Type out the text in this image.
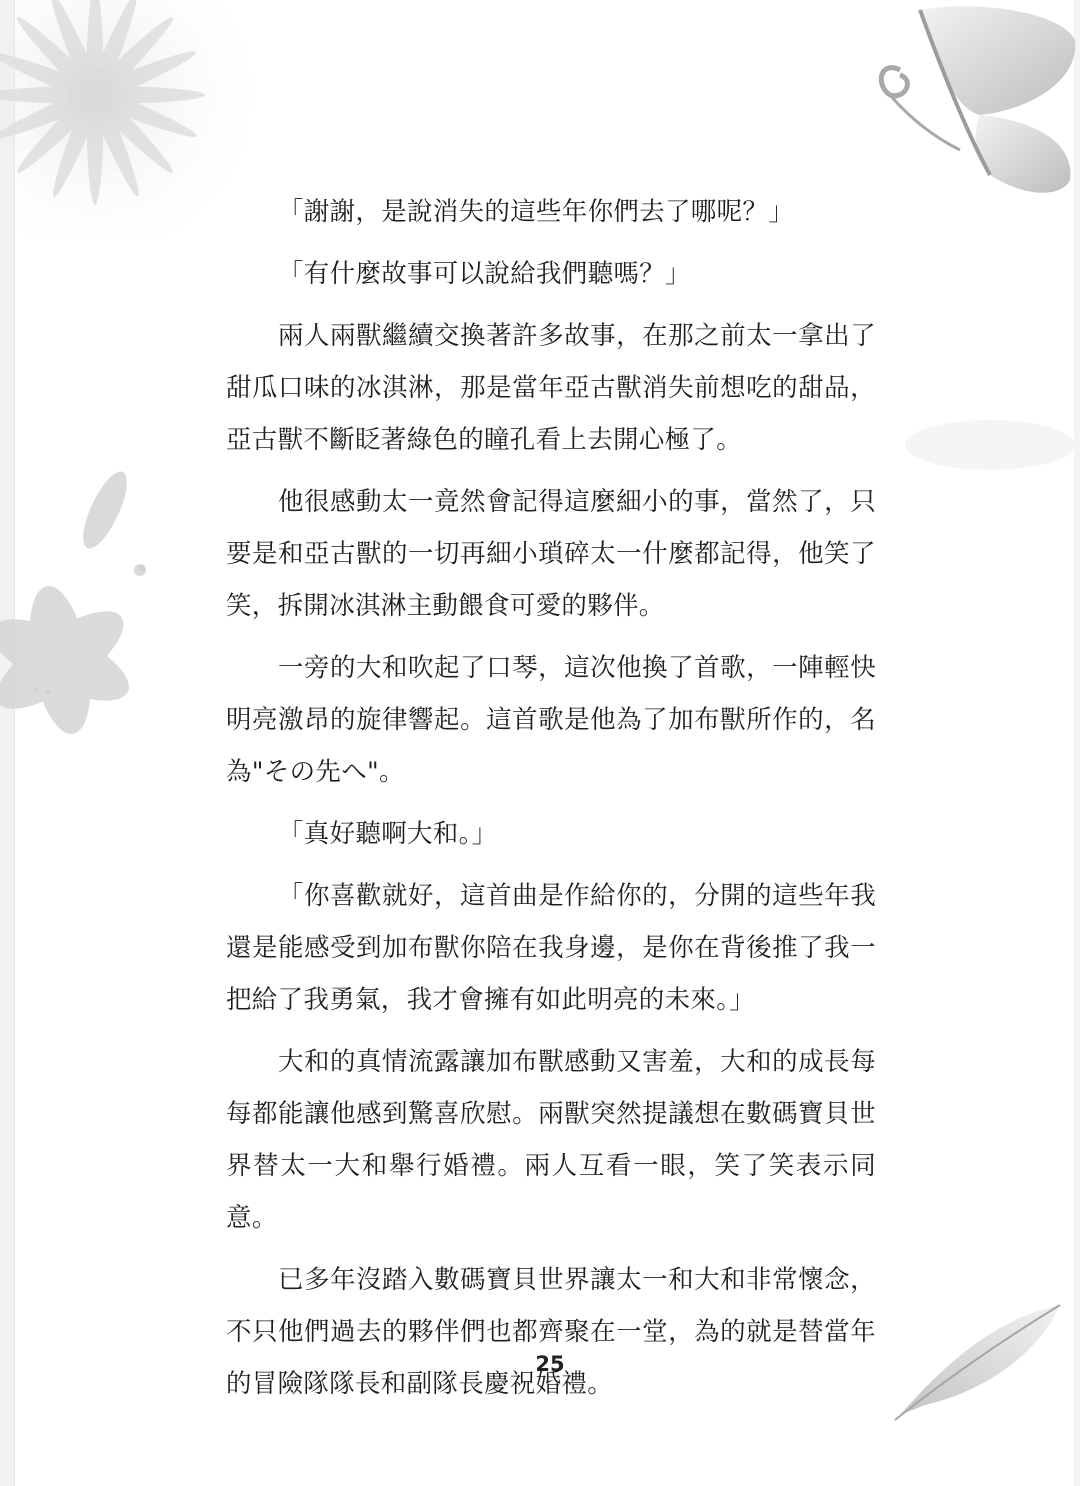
「謝謝，是說消失的這些年你們去了哪呢？」

「有什麼故事可以說給我們聽嗎？」

兩人兩獸繼續交換著許多故事，在那之前太一拿出了甜瓜口味的冰淇淋，那是當年亞古獸消失前想吃的甜品，亞古獸不斷眨著綠色的瞳孔看上去開心極了。

他很感動太一竟然會記得這麼細小的事，當然了，只要是和亞古獸的一切再細小瑣碎太一什麼都記得，他笑了笑，拆開冰淇淋主動餵食可愛的夥伴。

一旁的大和吹起了口琴，這次他換了首歌，一陣輕快明亮激昂的旋律響起。這首歌是他為了加布獸所作的，名為"その先へ"。

「真好聽啊大和。」

「你喜歡就好，這首曲是作給你的，分開的這些年我還是能感受到加布獸你陪在我身邊，是你在背後推了我一把給了我勇氣，我才會擁有如此明亮的未來。」

大和的真情流露讓加布獸感動又害羞，大和的成長每每都能讓他感到驚喜欣慰。兩獸突然提議想在數碼寶貝世界替太一大和舉行婚禮。兩人互看一眼，笑了笑表示同意。

已多年沒踏入數碼寶貝世界讓太一和大和非常懷念，不只他們過去的夥伴們也都齊聚在一堂，為的就是替當年的冒險隊隊長和副隊長慶祝婚禮。

25
